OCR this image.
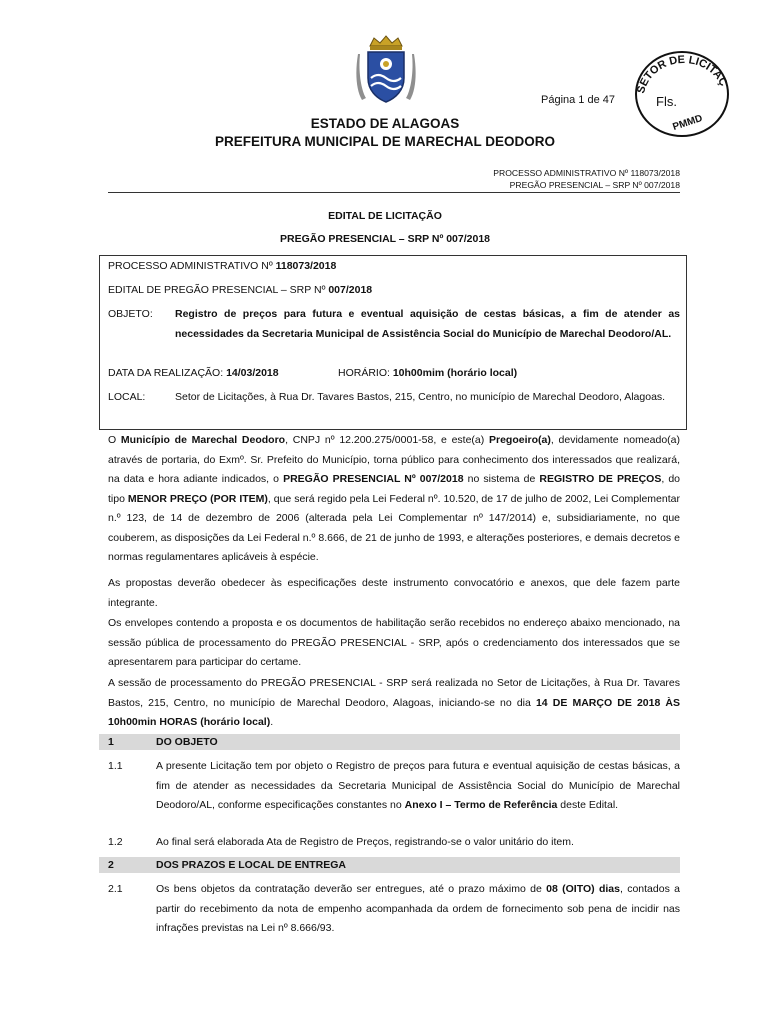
Página 1 de 47
SETOR DE LICITAÇ
Fls.
PMMD
ESTADO DE ALAGOAS
PREFEITURA MUNICIPAL DE MARECHAL DEODORO
PROCESSO ADMINISTRATIVO Nº 118073/2018
PREGÃO PRESENCIAL – SRP Nº 007/2018
EDITAL DE LICITAÇÃO
PREGÃO PRESENCIAL – SRP Nº 007/2018
PROCESSO ADMINISTRATIVO Nº 118073/2018
EDITAL DE PREGÃO PRESENCIAL – SRP Nº 007/2018
OBJETO: Registro de preços para futura e eventual aquisição de cestas básicas, a fim de atender as necessidades da Secretaria Municipal de Assistência Social do Município de Marechal Deodoro/AL.
DATA DA REALIZAÇÃO: 14/03/2018	HORÁRIO: 10h00mim (horário local)
LOCAL:	Setor de Licitações, à Rua Dr. Tavares Bastos, 215, Centro, no município de Marechal Deodoro, Alagoas.
O Município de Marechal Deodoro, CNPJ nº 12.200.275/0001-58, e este(a) Pregoeiro(a), devidamente nomeado(a) através de portaria, do Exmº. Sr. Prefeito do Município, torna público para conhecimento dos interessados que realizará, na data e hora adiante indicados, o PREGÃO PRESENCIAL Nº 007/2018 no sistema de REGISTRO DE PREÇOS, do tipo MENOR PREÇO (POR ITEM), que será regido pela Lei Federal nº. 10.520, de 17 de julho de 2002, Lei Complementar n.º 123, de 14 de dezembro de 2006 (alterada pela Lei Complementar nº 147/2014) e, subsidiariamente, no que couberem, as disposições da Lei Federal n.º 8.666, de 21 de junho de 1993, e alterações posteriores, e demais decretos e normas regulamentares aplicáveis à espécie.
As propostas deverão obedecer às especificações deste instrumento convocatório e anexos, que dele fazem parte integrante.
Os envelopes contendo a proposta e os documentos de habilitação serão recebidos no endereço abaixo mencionado, na sessão pública de processamento do PREGÃO PRESENCIAL - SRP, após o credenciamento dos interessados que se apresentarem para participar do certame.
A sessão de processamento do PREGÃO PRESENCIAL - SRP será realizada no Setor de Licitações, à Rua Dr. Tavares Bastos, 215, Centro, no município de Marechal Deodoro, Alagoas, iniciando-se no dia 14 DE MARÇO DE 2018 ÀS 10h00min HORAS (horário local).
1	DO OBJETO
1.1	A presente Licitação tem por objeto o Registro de preços para futura e eventual aquisição de cestas básicas, a fim de atender as necessidades da Secretaria Municipal de Assistência Social do Município de Marechal Deodoro/AL, conforme especificações constantes no Anexo I – Termo de Referência deste Edital.
1.2	Ao final será elaborada Ata de Registro de Preços, registrando-se o valor unitário do item.
2	DOS PRAZOS E LOCAL DE ENTREGA
2.1	Os bens objetos da contratação deverão ser entregues, até o prazo máximo de 08 (OITO) dias, contados a partir do recebimento da nota de empenho acompanhada da ordem de fornecimento sob pena de incidir nas infrações previstas na Lei nº 8.666/93.
